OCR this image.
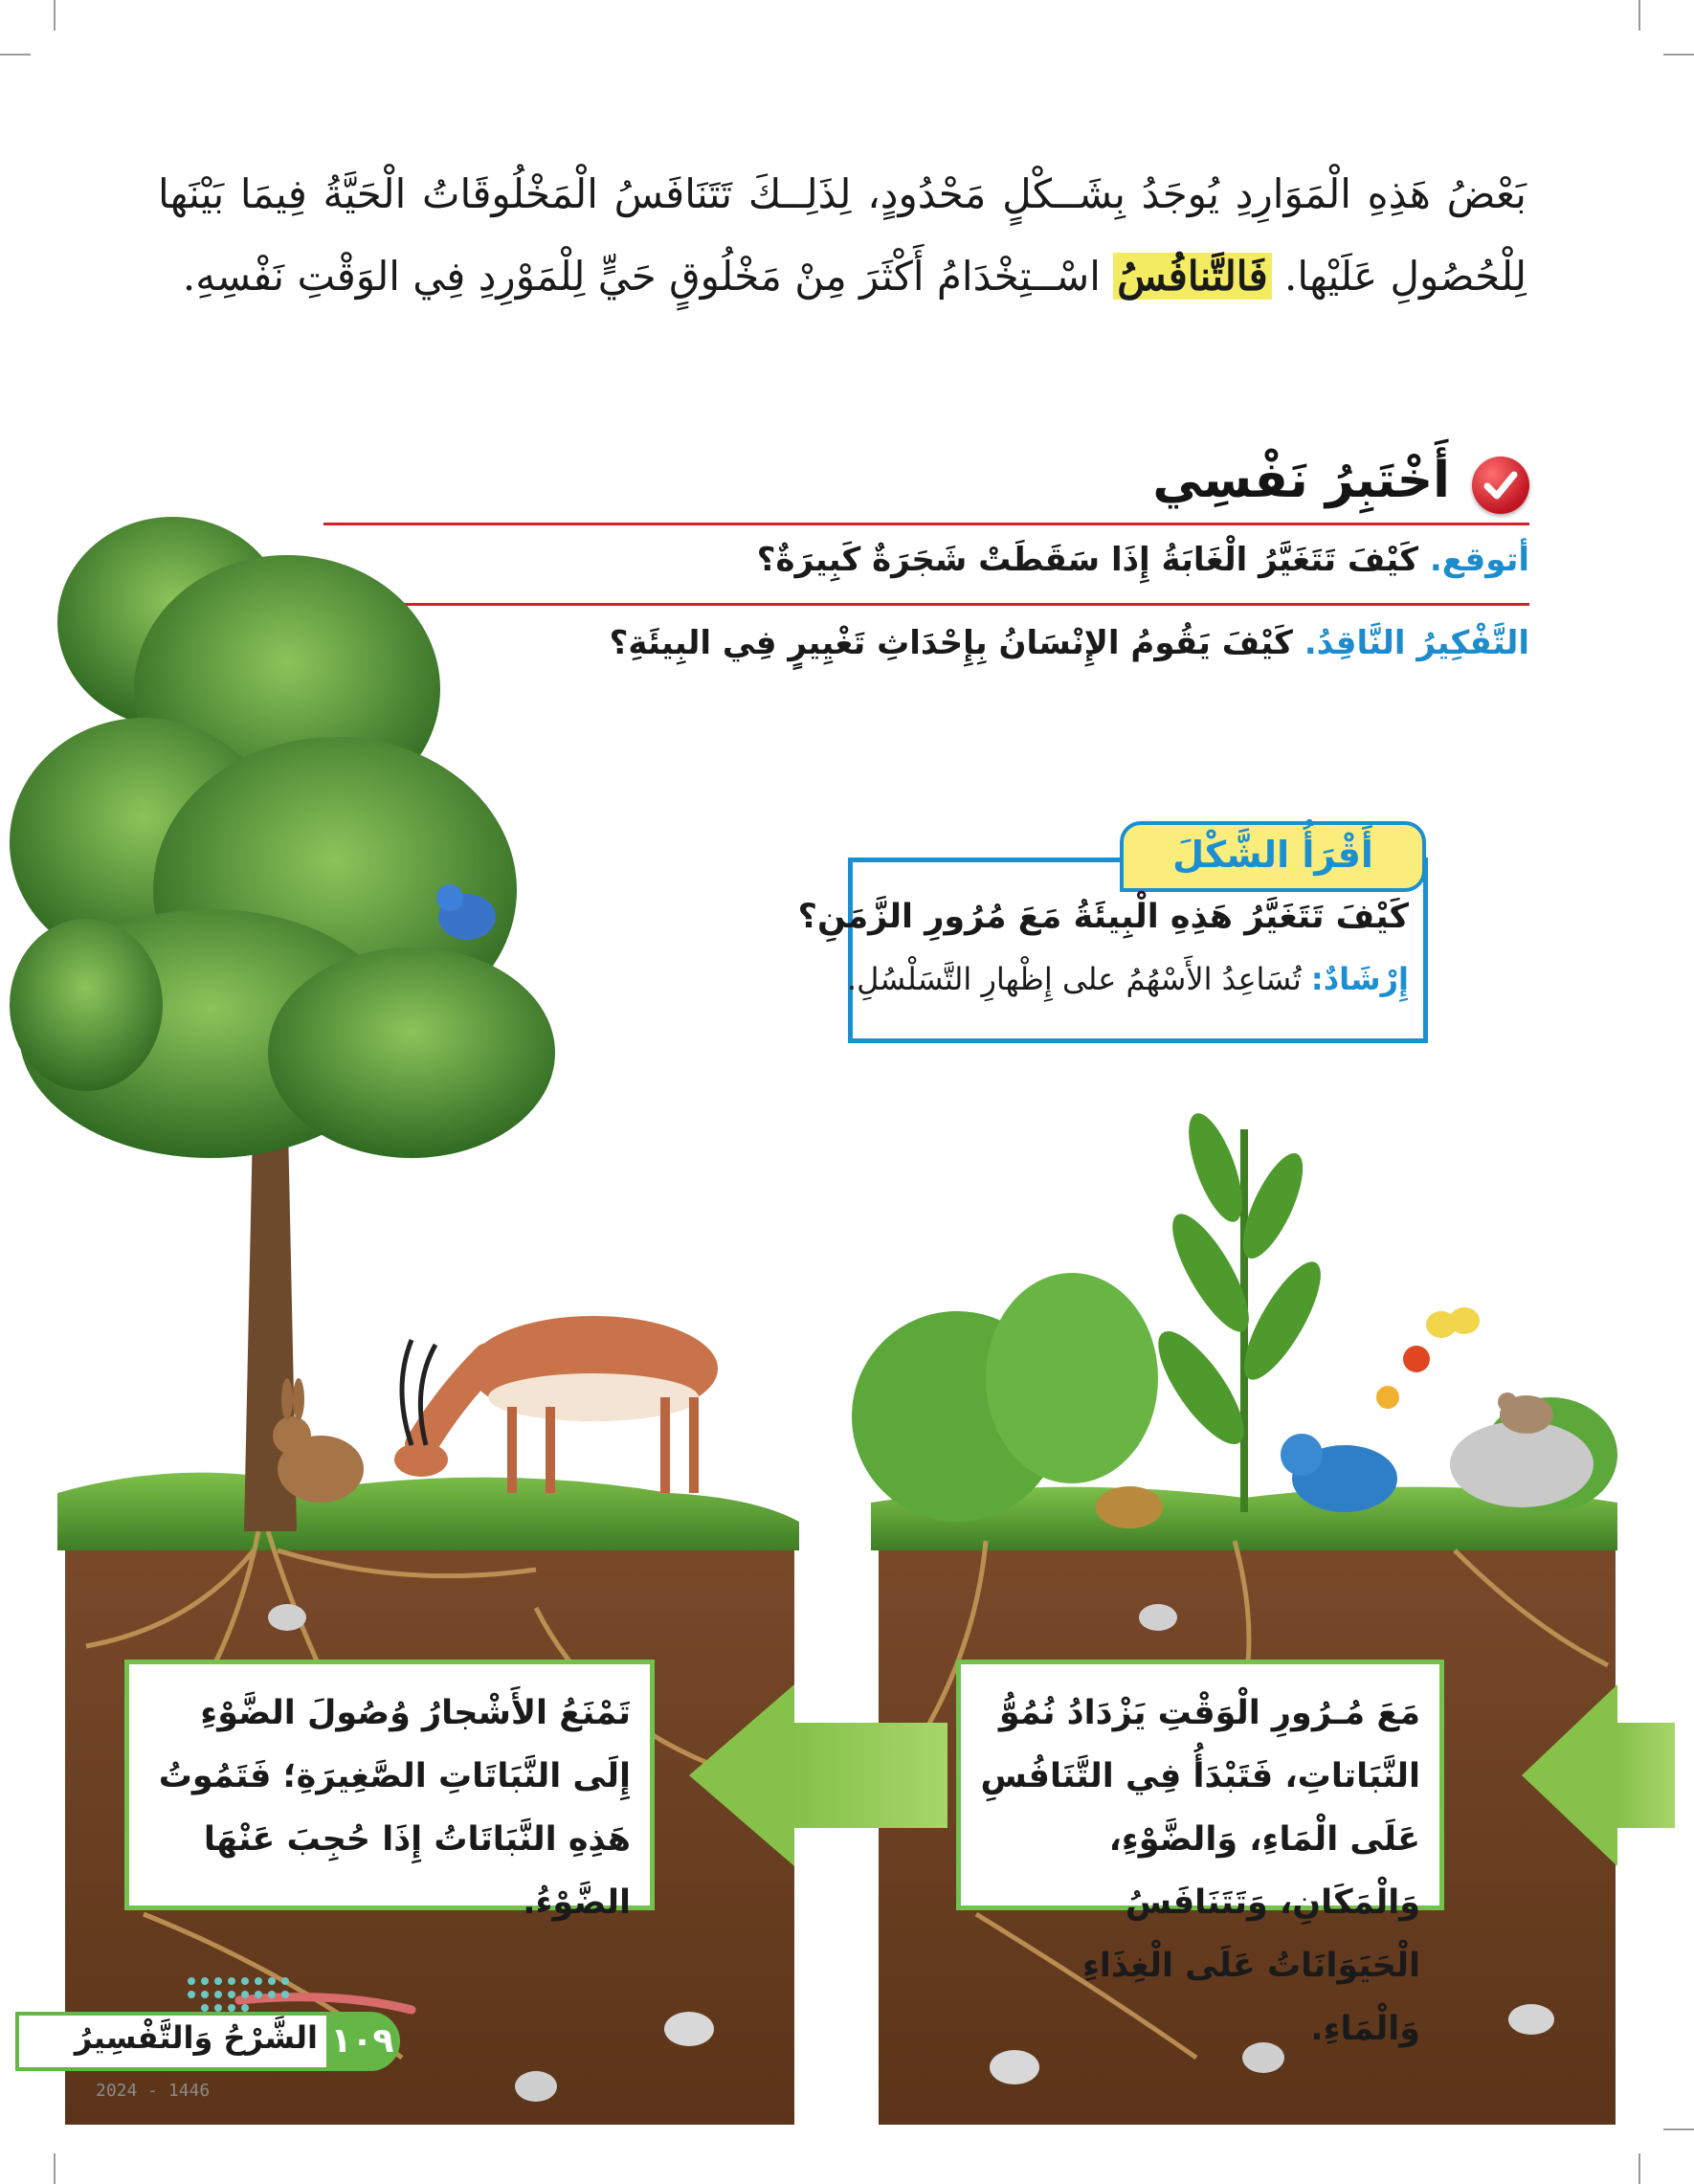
بَعْضُ هَذِهِ الْمَوَارِدِ يُوجَدُ بِشَــكْلٍ مَحْدُودٍ، لِذَلِــكَ تَتَنَافَسُ الْمَخْلُوقَاتُ الْحَيَّةُ فِيمَا بَيْنَها لِلْحُصُولِ عَلَيْها. فَالتَّنافُسُ اسْــتِخْدَامُ أَكْثَرَ مِنْ مَخْلُوقٍ حَيٍّ لِلْمَوْرِدِ فِي الوَقْتِ نَفْسِهِ.

أَخْتَبِرُ نَفْسِي
أتوقع. كَيْفَ تَتَغَيَّرُ الْغَابَةُ إِذَا سَقَطَتْ شَجَرَةٌ كَبِيرَةٌ؟
التَّفْكِيرُ النَّاقِدُ. كَيْفَ يَقُومُ الإِنْسَانُ بِإِحْدَاثِ تَغْيِيرٍ فِي البِيئَةِ؟
أَقْرَأُ الشَّكْلَ
كَيْفَ تَتَغَيَّرُ هَذِهِ الْبِيئَةُ مَعَ مُرُورِ الزَّمَنِ؟
إِرْشَادٌ: تُسَاعِدُ الأَسْهُمُ على إِظْهارِ التَّسَلْسُلِ.
مَعَ مُـرُورِ الْوَقْتِ يَزْدَادُ نُمُوُّ النَّبَاتاتِ، فَتَبْدَأُ فِي التَّنَافُسِ عَلَى الْمَاءِ، وَالضَّوْءِ، وَالْمَكَانِ، وَتَتَنَافَسُ الْحَيَوَانَاتُ عَلَى الْغِذَاءِ وَالْمَاءِ.
تَمْنَعُ الأَشْجارُ وُصُولَ الضَّوْءِ إِلَى النَّبَاتَاتِ الصَّغِيرَةِ؛ فَتَمُوتُ هَذِهِ النَّبَاتَاتُ إِذَا حُجِبَ عَنْهَا الضَّوْءُ.
١٠٩
الشَّرْحُ وَالتَّفْسِيرُ
2024 - 1446
